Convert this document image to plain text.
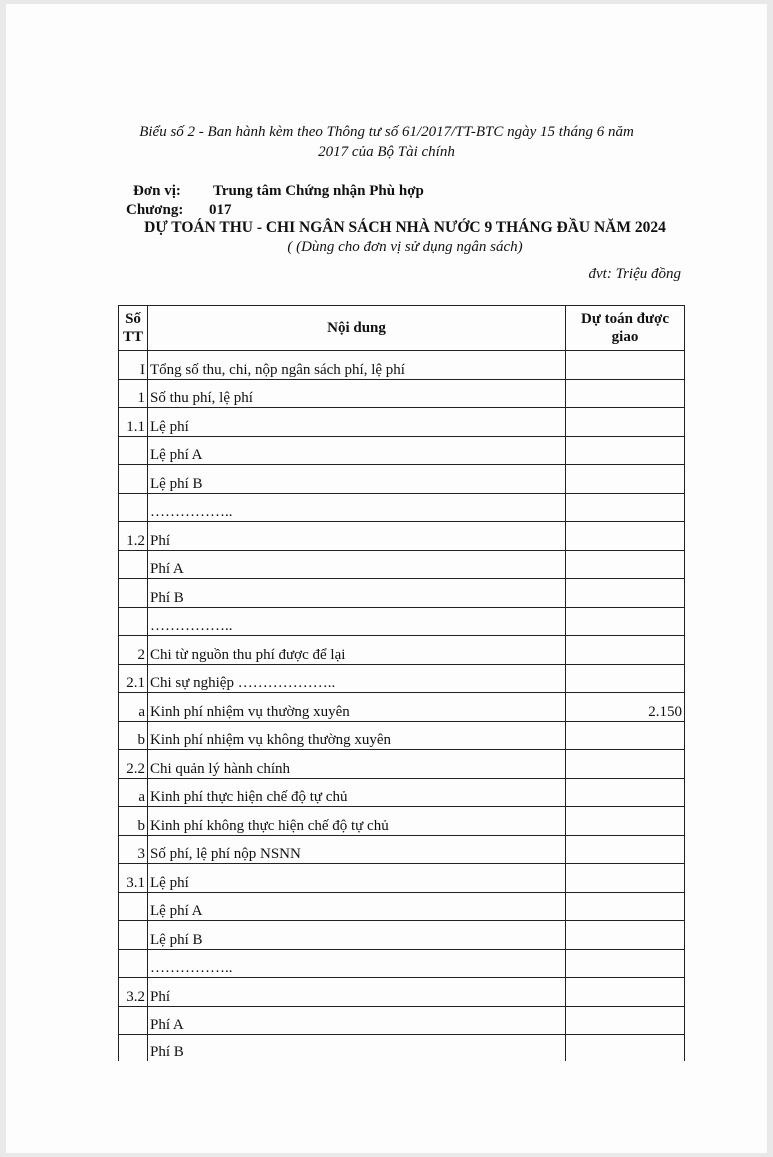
Biểu số 2 - Ban hành kèm theo Thông tư số 61/2017/TT-BTC ngày 15 tháng 6 năm
2017 của Bộ Tài chính
Đơn vị: Trung tâm Chứng nhận Phù hợp
Chương: 017
DỰ TOÁN THU - CHI NGÂN SÁCH NHÀ NƯỚC 9 THÁNG ĐẦU NĂM 2024
( (Dùng cho đơn vị sử dụng ngân sách)
đvt: Triệu đồng
Số TT	Nội dung	Dự toán được giao
I	Tổng số thu, chi, nộp ngân sách phí, lệ phí	
1	Số thu phí, lệ phí	
1.1	Lệ phí	
	Lệ phí A	
	Lệ phí B	
	……………..	
1.2	Phí	
	Phí A	
	Phí B	
	……………..	
2	Chi từ nguồn thu phí được để lại	
2.1	Chi sự nghiệp ………………..	
a	Kinh phí nhiệm vụ thường xuyên	2.150
b	Kinh phí nhiệm vụ không thường xuyên	
2.2	Chi quản lý hành chính	
a	Kinh phí thực hiện chế độ tự chủ	
b	Kinh phí không thực hiện chế độ tự chủ	
3	Số phí, lệ phí nộp NSNN	
3.1	Lệ phí	
	Lệ phí A	
	Lệ phí B	
	……………..	
3.2	Phí	
	Phí A	
	Phí B	
